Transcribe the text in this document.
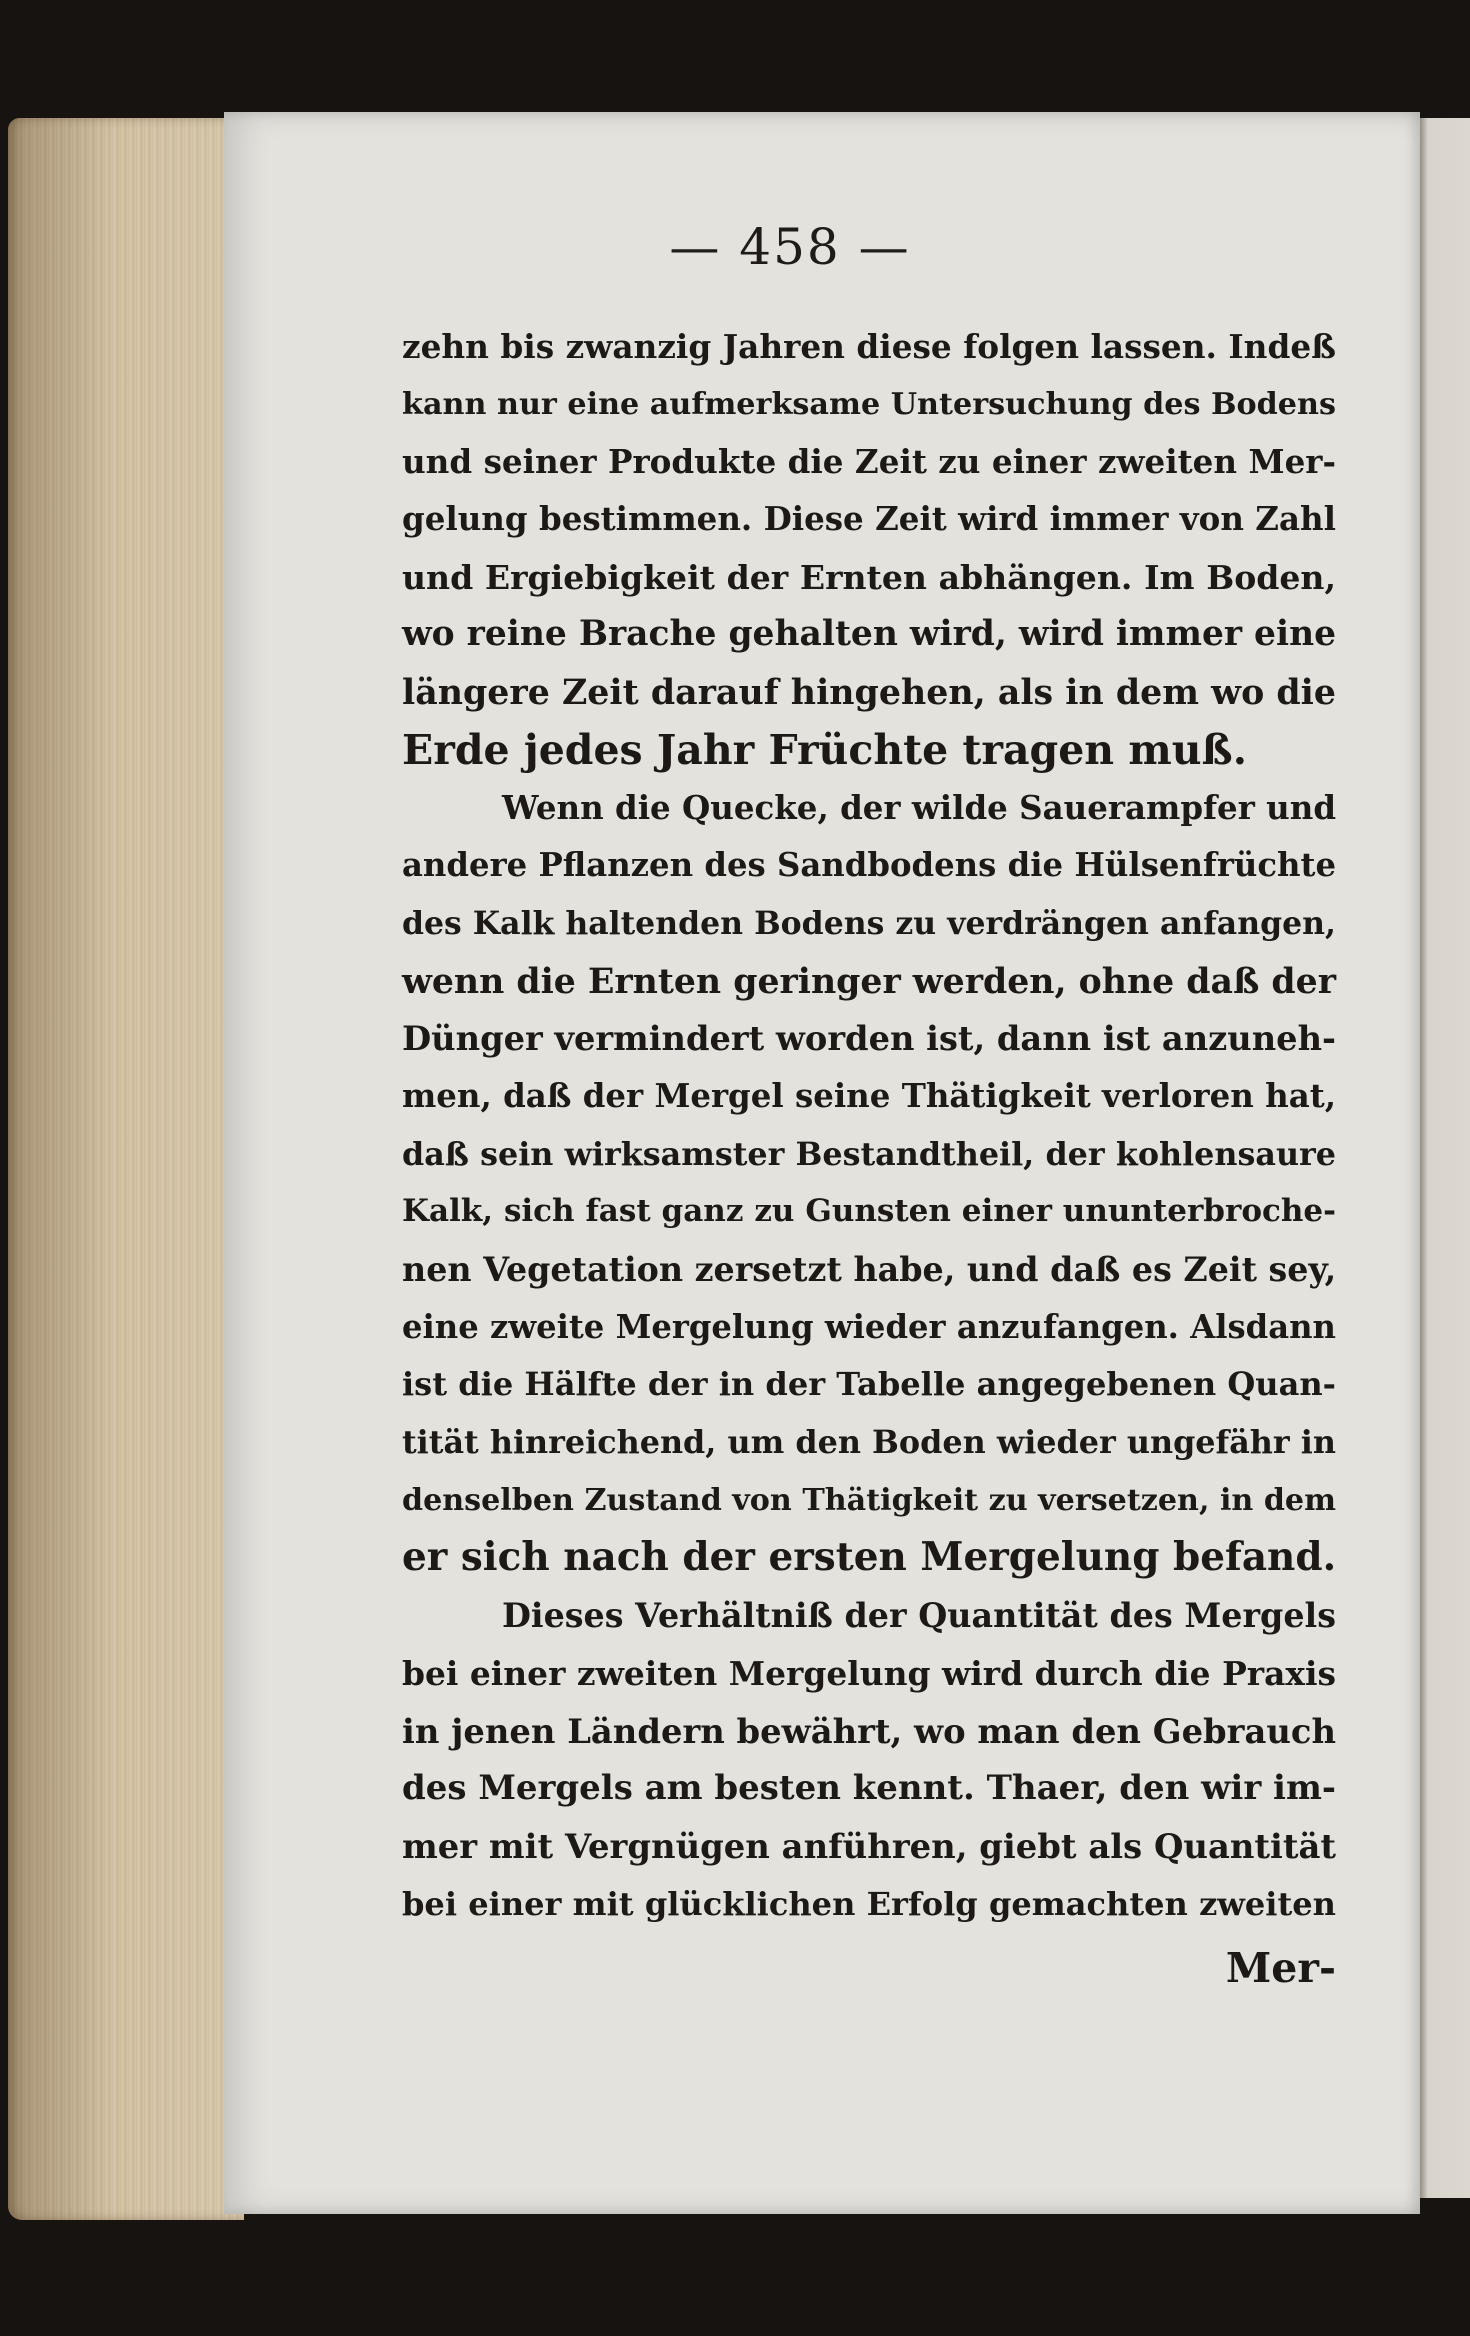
— 458 —
zehn bis zwanzig Jahren diese folgen lassen. Indeß
kann nur eine aufmerksame Untersuchung des Bodens
und seiner Produkte die Zeit zu einer zweiten Mer-
gelung bestimmen. Diese Zeit wird immer von Zahl
und Ergiebigkeit der Ernten abhängen. Im Boden,
wo reine Brache gehalten wird, wird immer eine
längere Zeit darauf hingehen, als in dem wo die
Erde jedes Jahr Früchte tragen muß.
Wenn die Quecke, der wilde Sauerampfer und
andere Pflanzen des Sandbodens die Hülsenfrüchte
des Kalk haltenden Bodens zu verdrängen anfangen,
wenn die Ernten geringer werden, ohne daß der
Dünger vermindert worden ist, dann ist anzuneh-
men, daß der Mergel seine Thätigkeit verloren hat,
daß sein wirksamster Bestandtheil, der kohlensaure
Kalk, sich fast ganz zu Gunsten einer ununterbroche-
nen Vegetation zersetzt habe, und daß es Zeit sey,
eine zweite Mergelung wieder anzufangen. Alsdann
ist die Hälfte der in der Tabelle angegebenen Quan-
tität hinreichend, um den Boden wieder ungefähr in
denselben Zustand von Thätigkeit zu versetzen, in dem
er sich nach der ersten Mergelung befand.
Dieses Verhältniß der Quantität des Mergels
bei einer zweiten Mergelung wird durch die Praxis
in jenen Ländern bewährt, wo man den Gebrauch
des Mergels am besten kennt. Thaer, den wir im-
mer mit Vergnügen anführen, giebt als Quantität
bei einer mit glücklichen Erfolg gemachten zweiten
Mer-
